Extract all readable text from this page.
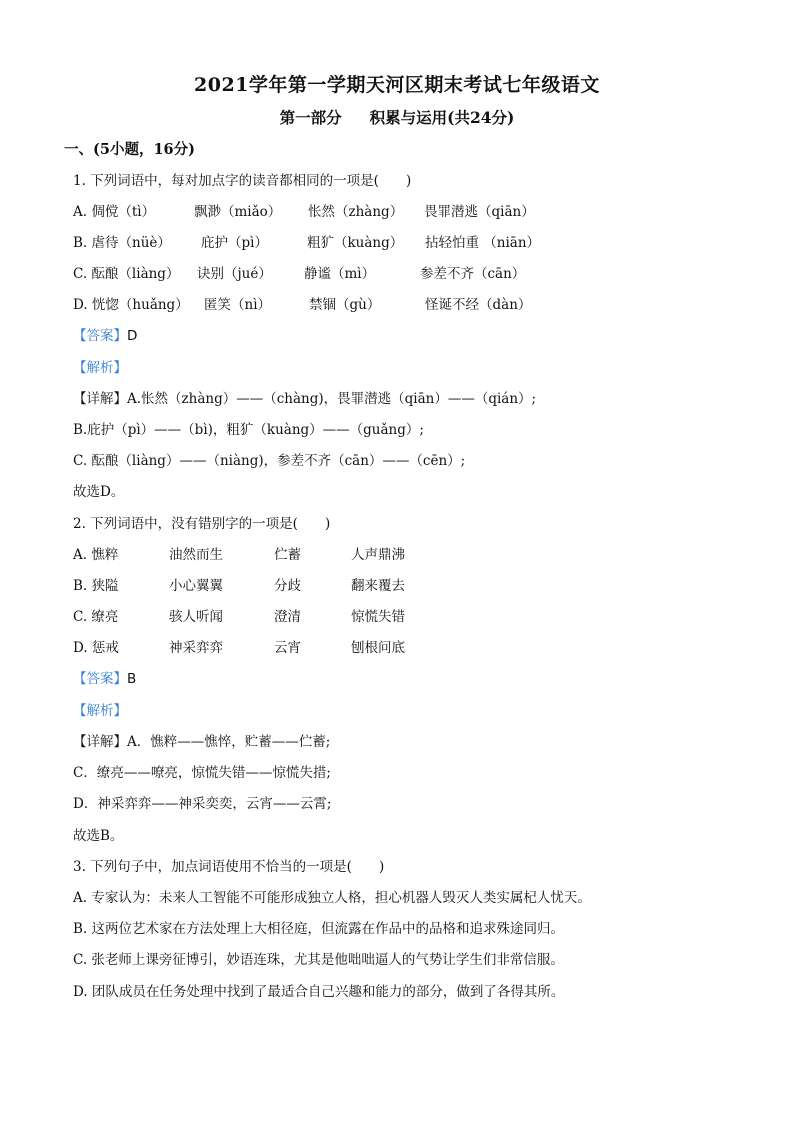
2021学年第一学期天河区期末考试七年级语文
第一部分 积累与运用(共24分)
一、(5小题，16分)
1. 下列词语中，每对加点字的读音都相同的一项是(　　)
A. 倜傥（tì）	飘渺（miǎo） 怅然（zhàng） 畏罪潜逃（qiān）
B. 虐待（nüè） 庇护（pì）	粗犷（kuàng） 拈轻怕重 （niān）
C. 酝酿（liàng） 诀别（jué） 静谧（mì）	参差不齐（cān）
D. 恍惚（huǎng） 匿笑（nì）	禁锢（gù）	怪诞不经（dàn）
【答案】D
【解析】
【详解】A.怅然（zhàng）——（chàng)，畏罪潜逃（qiān）——（qián）;
B.庇护（pì）——（bì)，粗犷（kuàng）——（guǎng）;
C. 酝酿（liàng）——（niàng)，参差不齐（cān）——（cēn）;
故选D。
2. 下列词语中，没有错别字的一项是(　　)
A. 憔粹	油然而生	伫蓄	人声鼎沸
B. 狭隘	小心翼翼	分歧	翻来覆去
C. 缭亮	骇人听闻	澄清	惊慌失错
D. 惩戒	神采弈弈	云宵	刨根问底
【答案】B
【解析】
【详解】A．憔粹——憔悴，贮蓄——伫蓄;
C．缭亮——嘹亮，惊慌失错——惊慌失措;
D．神采弈弈——神采奕奕，云宵——云霄;
故选B。
3. 下列句子中，加点词语使用不恰当的一项是(　　)
A. 专家认为：未来人工智能不可能形成独立人格，担心机器人毁灭人类实属杞人忧天。
B. 这两位艺术家在方法处理上大相径庭，但流露在作品中的品格和追求殊途同归。
C. 张老师上课旁征博引，妙语连珠，尤其是他咄咄逼人的气势让学生们非常信服。
D. 团队成员在任务处理中找到了最适合自己兴趣和能力的部分，做到了各得其所。
